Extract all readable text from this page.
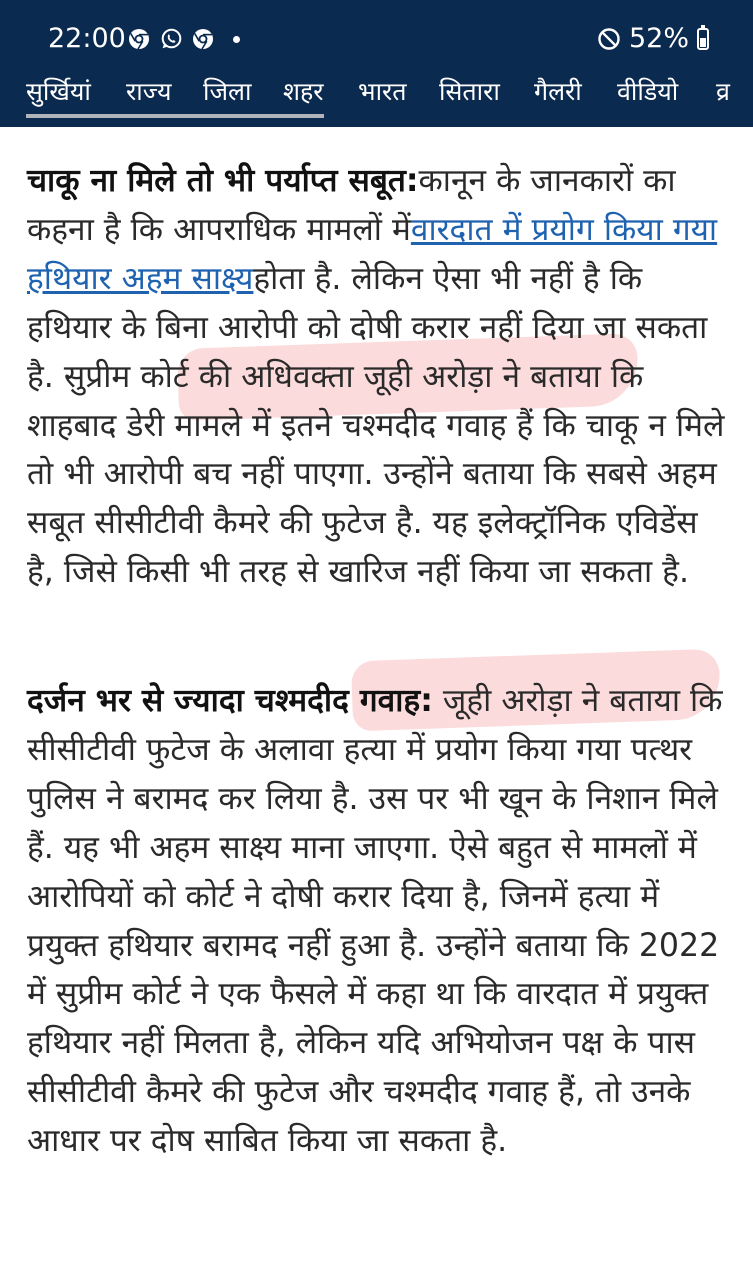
22:00	52%
सुर्खियां राज्य जिला शहर भारत सितारा गैलरी वीडियो व्र

चाकू ना मिले तो भी पर्याप्त सबूत:कानून के जानकारों का कहना है कि आपराधिक मामलों मेंवारदात में प्रयोग किया गया हथियार अहम साक्ष्यहोता है. लेकिन ऐसा भी नहीं है कि हथियार के बिना आरोपी को दोषी करार नहीं दिया जा सकता है. सुप्रीम कोर्ट की अधिवक्ता जूही अरोड़ा ने बताया कि शाहबाद डेरी मामले में इतने चश्मदीद गवाह हैं कि चाकू न मिले तो भी आरोपी बच नहीं पाएगा. उन्होंने बताया कि सबसे अहम सबूत सीसीटीवी कैमरे की फुटेज है. यह इलेक्ट्रॉनिक एविडेंस है, जिसे किसी भी तरह से खारिज नहीं किया जा सकता है.

दर्जन भर से ज्यादा चश्मदीद गवाह: जूही अरोड़ा ने बताया कि सीसीटीवी फुटेज के अलावा हत्या में प्रयोग किया गया पत्थर पुलिस ने बरामद कर लिया है. उस पर भी खून के निशान मिले हैं. यह भी अहम साक्ष्य माना जाएगा. ऐसे बहुत से मामलों में आरोपियों को कोर्ट ने दोषी करार दिया है, जिनमें हत्या में प्रयुक्त हथियार बरामद नहीं हुआ है. उन्होंने बताया कि 2022 में सुप्रीम कोर्ट ने एक फैसले में कहा था कि वारदात में प्रयुक्त हथियार नहीं मिलता है, लेकिन यदि अभियोजन पक्ष के पास सीसीटीवी कैमरे की फुटेज और चश्मदीद गवाह हैं, तो उनके आधार पर दोष साबित किया जा सकता है.
